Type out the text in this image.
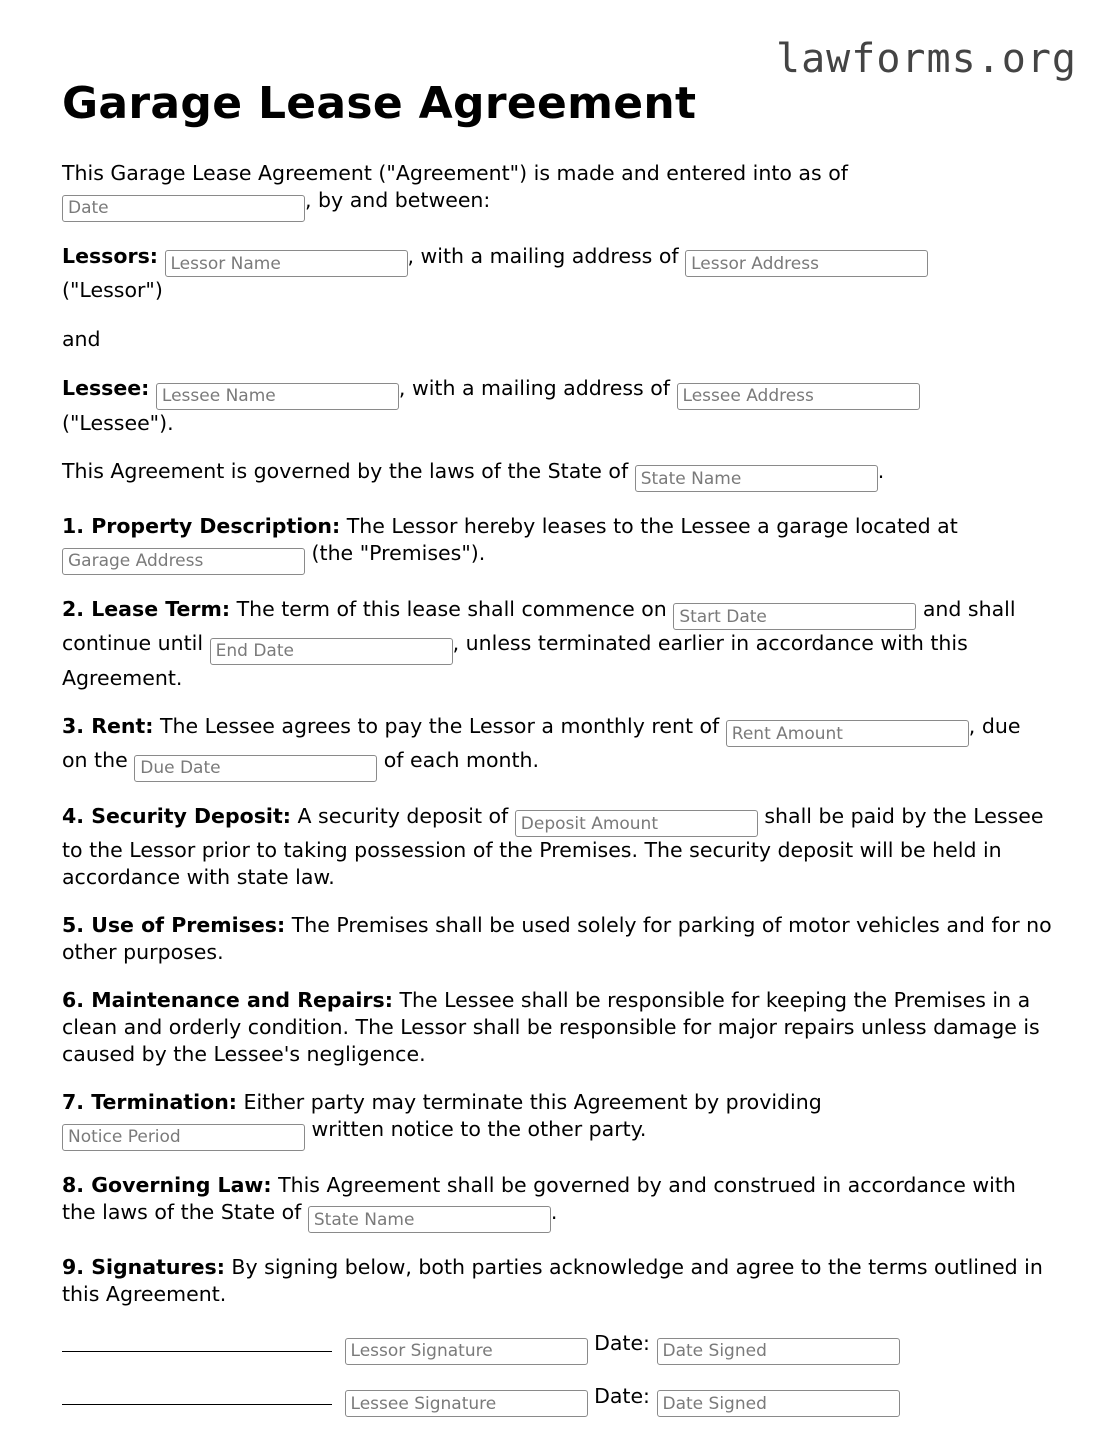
lawforms.org
Garage Lease Agreement

This Garage Lease Agreement ("Agreement") is made and entered into as of
Date, by and between:

Lessors: Lessor Name	, with a mailing address of Lessor Address
("Lessor")

and

Lessee: Lessee Name	, with a mailing address of Lessee Address
("Lessee").

This Agreement is governed by the laws of the State of State Name	.

1. Property Description: The Lessor hereby leases to the Lessee a garage located at
Garage Address (the "Premises").

2. Lease Term: The term of this lease shall commence on Start Date	and shall continue until End Date	, unless terminated earlier in accordance with this Agreement.

3. Rent: The Lessee agrees to pay the Lessor a monthly rent of Rent Amount	, due on the Due Date	of each month.

4. Security Deposit: A security deposit of Deposit Amount	shall be paid by the Lessee to the Lessor prior to taking possession of the Premises. The security deposit will be held in accordance with state law.

5. Use of Premises: The Premises shall be used solely for parking of motor vehicles and for no other purposes.

6. Maintenance and Repairs: The Lessee shall be responsible for keeping the Premises in a clean and orderly condition. The Lessor shall be responsible for major repairs unless damage is caused by the Lessee's negligence.

7. Termination: Either party may terminate this Agreement by providing
Notice Period written notice to the other party.

8. Governing Law: This Agreement shall be governed by and construed in accordance with the laws of the State of State Name	.

9. Signatures: By signing below, both parties acknowledge and agree to the terms outlined in this Agreement.

Lessor Signature Date: Date Signed
Lessee Signature Date: Date Signed
